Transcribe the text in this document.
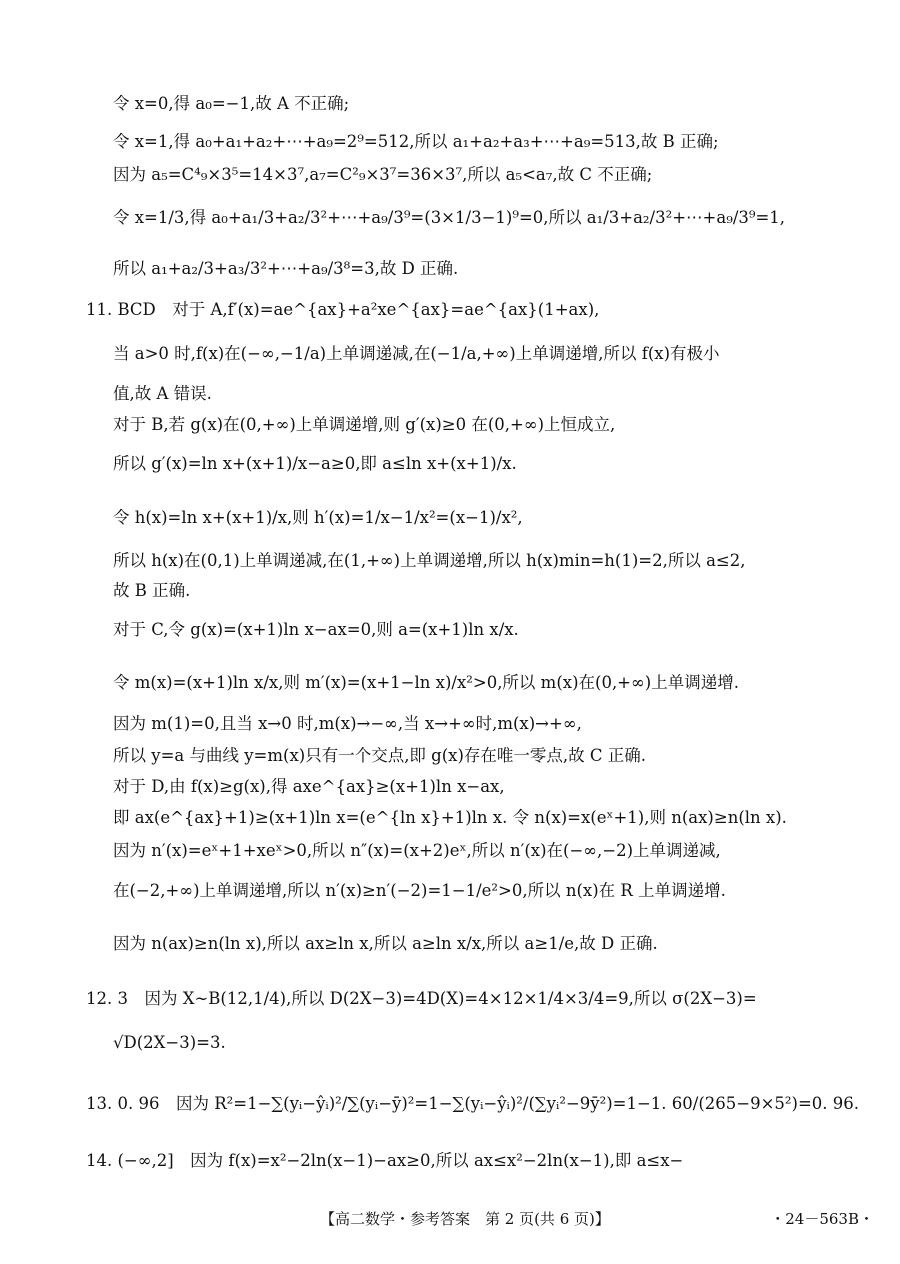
令 x=0,得 a₀=−1,故 A 不正确;
令 x=1,得 a₀+a₁+a₂+⋯+a₉=2⁹=512,所以 a₁+a₂+a₃+⋯+a₉=513,故 B 正确;
因为 a₅=C⁴₉×3⁵=14×3⁷,a₇=C²₉×3⁷=36×3⁷,所以 a₅<a₇,故 C 不正确;
令 x=1/3,得 a₀+a₁/3+a₂/3²+⋯+a₉/3⁹=(3×1/3−1)⁹=0,所以 a₁/3+a₂/3²+⋯+a₉/3⁹=1,
所以 a₁+a₂/3+a₃/3²+⋯+a₉/3⁸=3,故 D 正确.
11. BCD　对于 A,f′(x)=ae^{ax}+a²xe^{ax}=ae^{ax}(1+ax),
当 a>0 时,f(x)在(−∞,−1/a)上单调递减,在(−1/a,+∞)上单调递增,所以 f(x)有极小
值,故 A 错误.
对于 B,若 g(x)在(0,+∞)上单调递增,则 g′(x)≥0 在(0,+∞)上恒成立,
所以 g′(x)=ln x+(x+1)/x−a≥0,即 a≤ln x+(x+1)/x.
令 h(x)=ln x+(x+1)/x,则 h′(x)=1/x−1/x²=(x−1)/x²,
所以 h(x)在(0,1)上单调递减,在(1,+∞)上单调递增,所以 h(x)min=h(1)=2,所以 a≤2,
故 B 正确.
对于 C,令 g(x)=(x+1)ln x−ax=0,则 a=(x+1)ln x/x.
令 m(x)=(x+1)ln x/x,则 m′(x)=(x+1−ln x)/x²>0,所以 m(x)在(0,+∞)上单调递增.
因为 m(1)=0,且当 x→0 时,m(x)→−∞,当 x→+∞时,m(x)→+∞,
所以 y=a 与曲线 y=m(x)只有一个交点,即 g(x)存在唯一零点,故 C 正确.
对于 D,由 f(x)≥g(x),得 axe^{ax}≥(x+1)ln x−ax,
即 ax(e^{ax}+1)≥(x+1)ln x=(e^{ln x}+1)ln x. 令 n(x)=x(eˣ+1),则 n(ax)≥n(ln x).
因为 n′(x)=eˣ+1+xeˣ>0,所以 n″(x)=(x+2)eˣ,所以 n′(x)在(−∞,−2)上单调递减,
在(−2,+∞)上单调递增,所以 n′(x)≥n′(−2)=1−1/e²>0,所以 n(x)在 R 上单调递增.
因为 n(ax)≥n(ln x),所以 ax≥ln x,所以 a≥ln x/x,所以 a≥1/e,故 D 正确.
12. 3　因为 X∼B(12,1/4),所以 D(2X−3)=4D(X)=4×12×1/4×3/4=9,所以 σ(2X−3)=
√D(2X−3)=3.
13. 0. 96　因为 R²=1−∑(yᵢ−ŷᵢ)²/∑(yᵢ−ȳ)²=1−∑(yᵢ−ŷᵢ)²/(∑yᵢ²−9ȳ²)=1−1. 60/(265−9×5²)=0. 96.
14. (−∞,2]　因为 f(x)=x²−2ln(x−1)−ax≥0,所以 ax≤x²−2ln(x−1),即 a≤x−
【高二数学・参考答案　第 2 页(共 6 页)】	・24－563B・
